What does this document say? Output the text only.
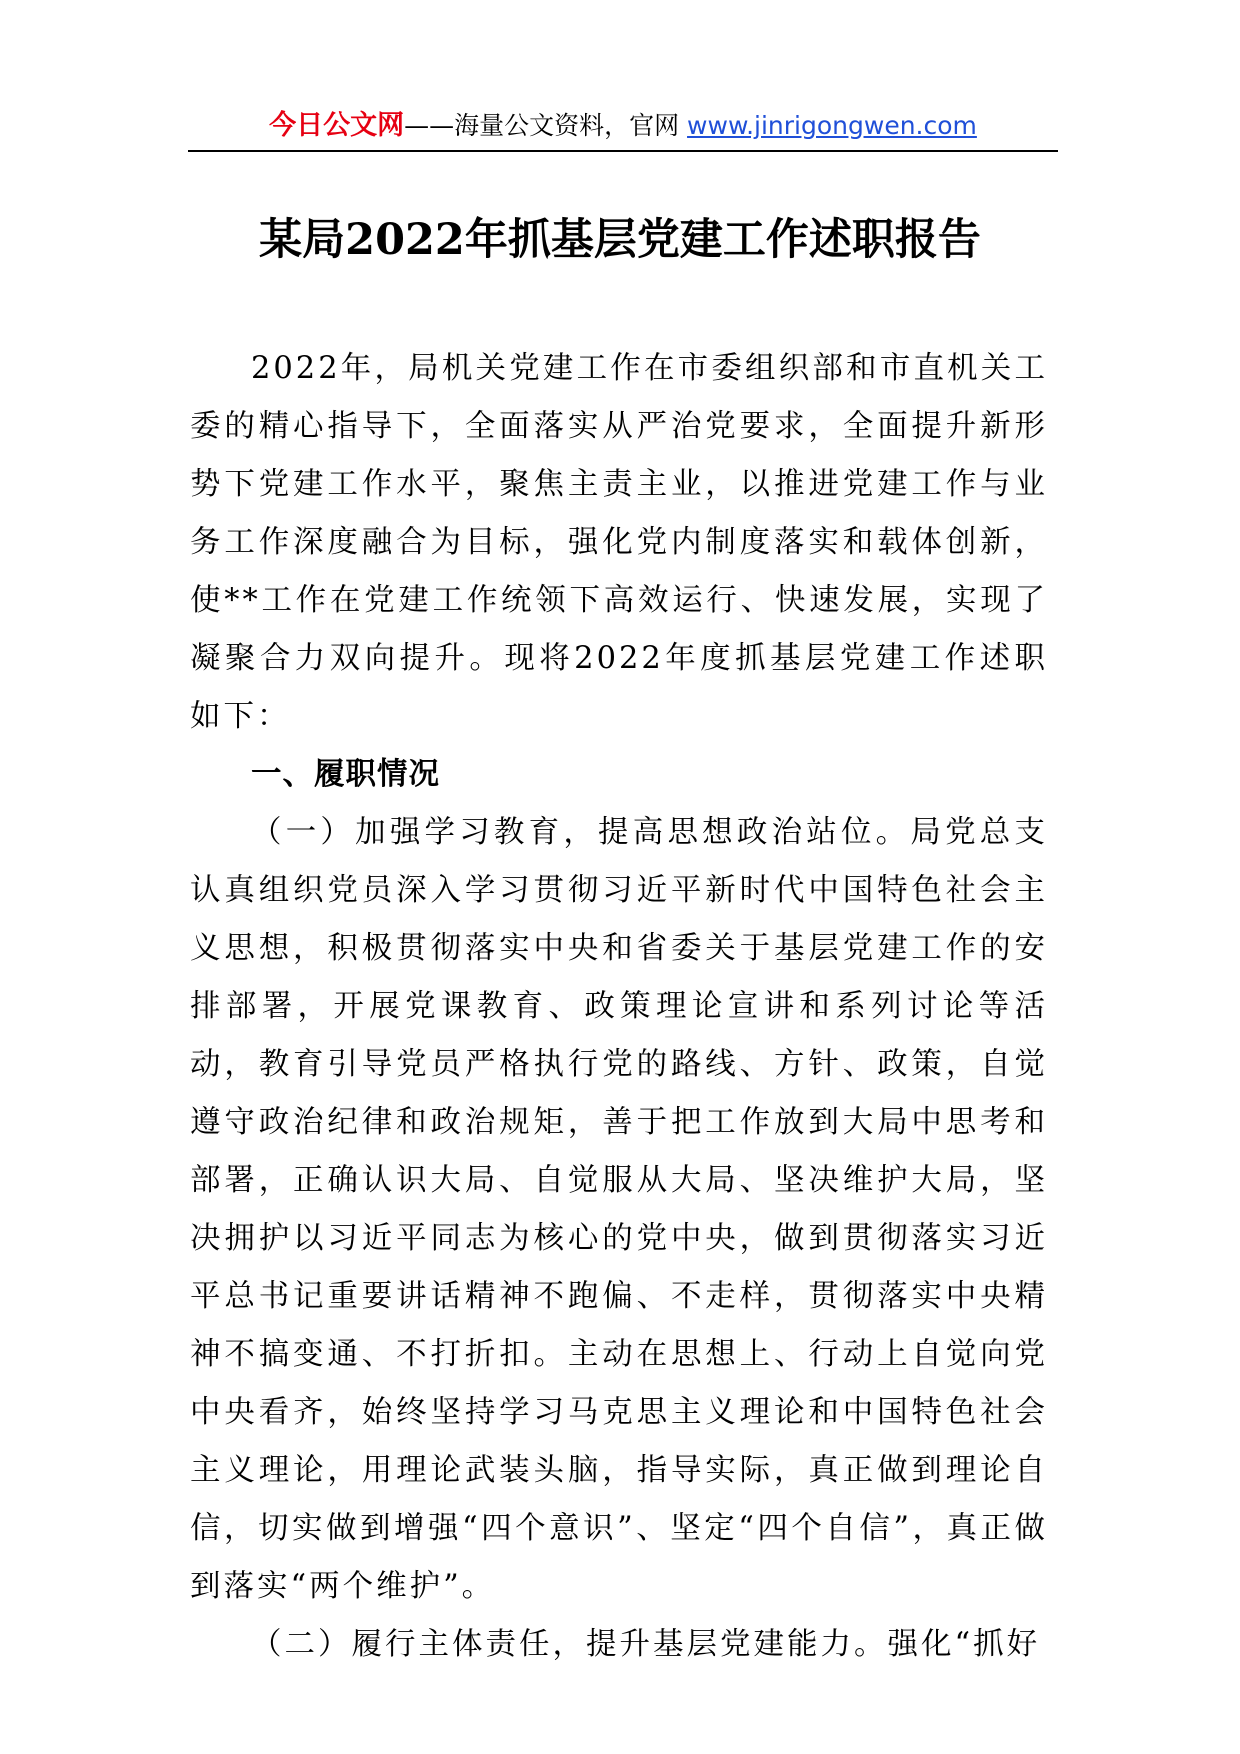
今日公文网——海量公文资料，官网 www.jinrigongwen.com
某局2022年抓基层党建工作述职报告

2022年，局机关党建工作在市委组织部和市直机关工委的精心指导下，全面落实从严治党要求，全面提升新形势下党建工作水平，聚焦主责主业，以推进党建工作与业务工作深度融合为目标，强化党内制度落实和载体创新，使**工作在党建工作统领下高效运行、快速发展，实现了凝聚合力双向提升。现将2022年度抓基层党建工作述职如下：

一、履职情况

（一）加强学习教育，提高思想政治站位。局党总支认真组织党员深入学习贯彻习近平新时代中国特色社会主义思想，积极贯彻落实中央和省委关于基层党建工作的安排部署，开展党课教育、政策理论宣讲和系列讨论等活动，教育引导党员严格执行党的路线、方针、政策，自觉遵守政治纪律和政治规矩，善于把工作放到大局中思考和部署，正确认识大局、自觉服从大局、坚决维护大局，坚决拥护以习近平同志为核心的党中央，做到贯彻落实习近平总书记重要讲话精神不跑偏、不走样，贯彻落实中央精神不搞变通、不打折扣。主动在思想上、行动上自觉向党中央看齐，始终坚持学习马克思主义理论和中国特色社会主义理论，用理论武装头脑，指导实际，真正做到理论自信，切实做到增强“四个意识”、坚定“四个自信”，真正做到落实“两个维护”。

（二）履行主体责任，提升基层党建能力。强化“抓好
